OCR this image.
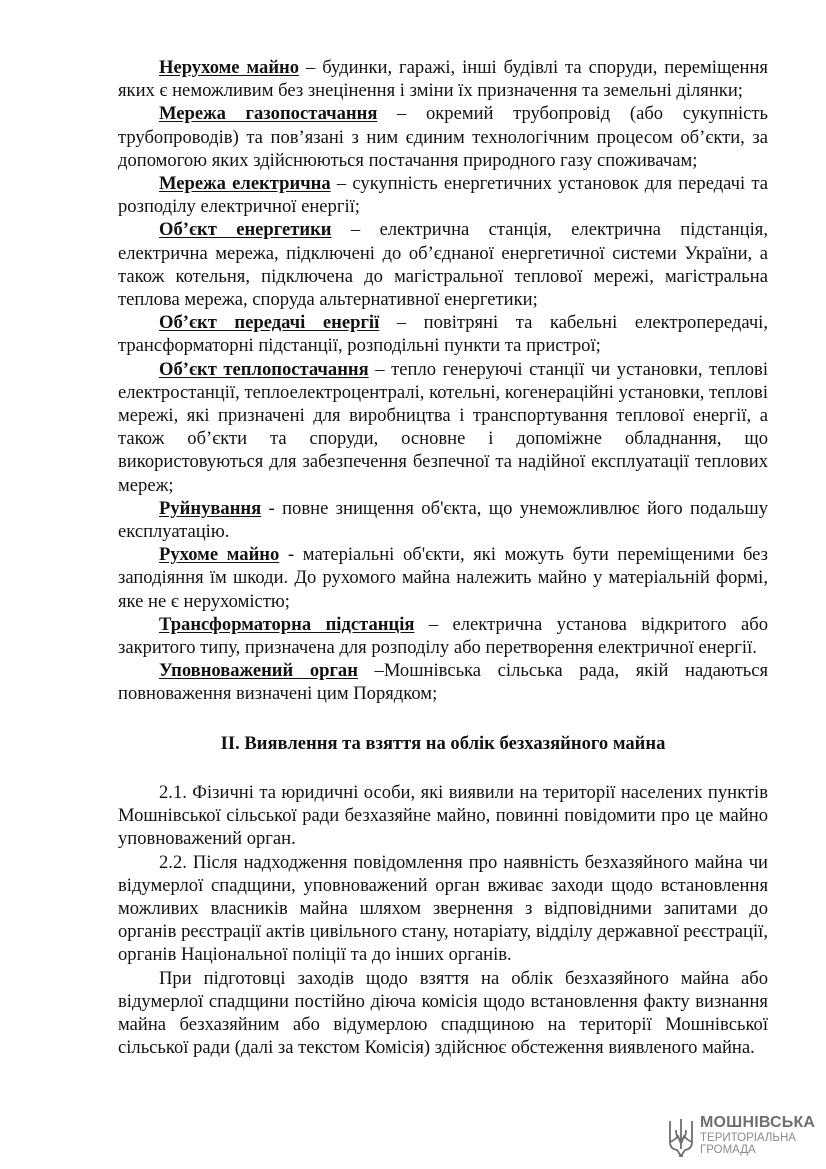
Нерухоме майно – будинки, гаражі, інші будівлі та споруди, переміщення яких є неможливим без знецінення і зміни їх призначення та земельні ділянки;

Мережа газопостачання – окремий трубопровід (або сукупність трубопроводів) та пов’язані з ним єдиним технологічним процесом об’єкти, за допомогою яких здійснюються постачання природного газу споживачам;

Мережа електрична – сукупність енергетичних установок для передачі та розподілу електричної енергії;

Об’єкт енергетики – електрична станція, електрична підстанція, електрична мережа, підключені до об’єднаної енергетичної системи України, а також котельня, підключена до магістральної теплової мережі, магістральна теплова мережа, споруда альтернативної енергетики;

Об’єкт передачі енергії – повітряні та кабельні електропередачі, трансформаторні підстанції, розподільні пункти та пристрої;

Об’єкт теплопостачання – тепло генеруючі станції чи установки, теплові електростанції, теплоелектроцентралі, котельні, когенераційні установки, теплові мережі, які призначені для виробництва і транспортування теплової енергії, а також об’єкти та споруди, основне і допоміжне обладнання, що використовуються для забезпечення безпечної та надійної експлуатації теплових мереж;

Руйнування - повне знищення об'єкта, що унеможливлює його подальшу експлуатацію.

Рухоме майно - матеріальні об'єкти, які можуть бути переміщеними без заподіяння їм шкоди. До рухомого майна належить майно у матеріальній формі, яке не є нерухомістю;

Трансформаторна підстанція – електрична установа відкритого або закритого типу, призначена для розподілу або перетворення електричної енергії.

Уповноважений орган –Мошнівська сільська рада, якій надаються повноваження визначені цим Порядком;

ІІ. Виявлення та взяття на облік безхазяйного майна

2.1. Фізичні та юридичні особи, які виявили на території населених пунктів Мошнівської сільської ради безхазяйне майно, повинні повідомити про це майно уповноважений орган.

2.2. Після надходження повідомлення про наявність безхазяйного майна чи відумерлої спадщини, уповноважений орган вживає заходи щодо встановлення можливих власників майна шляхом звернення з відповідними запитами до органів реєстрації актів цивільного стану, нотаріату, відділу державної реєстрації, органів Національної поліції та до інших органів.

При підготовці заходів щодо взяття на облік безхазяйного майна або відумерлої спадщини постійно діюча комісія щодо встановлення факту визнання майна безхазяйним або відумерлою спадщиною на території Мошнівської сільської ради (далі за текстом Комісія) здійснює обстеження виявленого майна.

МОШНІВСЬКА
ТЕРИТОРІАЛЬНА
ГРОМАДА
